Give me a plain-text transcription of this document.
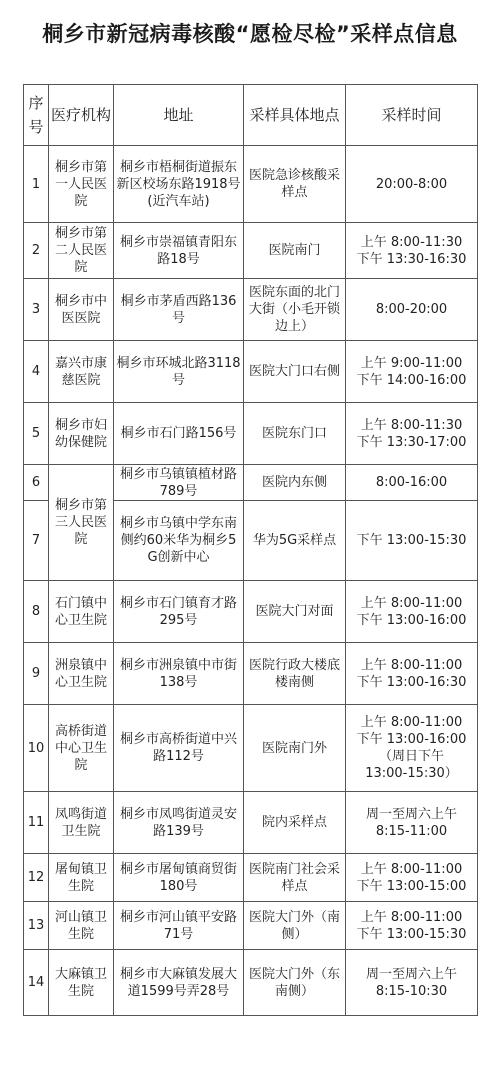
桐乡市新冠病毒核酸“愿检尽检”采样点信息
序号	医疗机构	地址	采样具体地点	采样时间
1	桐乡市第一人民医院	桐乡市梧桐街道振东新区校场东路1918号(近汽车站)	医院急诊核酸采样点	20:00-8:00

2	桐乡市第二人民医院	桐乡市崇福镇青阳东路18号	医院南门	上午 8:00-11:30
下午 13:30-16:30

3	桐乡市中医医院	桐乡市茅盾西路136号	医院东面的北门大街（小毛开锁边上）	8:00-20:00

4	嘉兴市康慈医院	桐乡市环城北路3118号	医院大门口右侧	上午 9:00-11:00
下午 14:00-16:00

5	桐乡市妇幼保健院	桐乡市石门路156号	医院东门口	上午 8:00-11:30
下午 13:30-17:00

6	桐乡市第三人民医院	桐乡市乌镇镇植材路789号	医院内东侧	8:00-16:00

7		桐乡市乌镇中学东南侧约60米华为桐乡5G创新中心	华为5G采样点	下午 13:00-15:30

8	石门镇中心卫生院	桐乡市石门镇育才路295号	医院大门对面	上午 8:00-11:00
下午 13:00-16:00

9	洲泉镇中心卫生院	桐乡市洲泉镇中市街138号	医院行政大楼底楼南侧	上午 8:00-11:00
下午 13:00-16:30

10	高桥街道中心卫生院	桐乡市高桥街道中兴路112号	医院南门外	上午 8:00-11:00
下午 13:00-16:00
（周日下午
13:00-15:30）

11	凤鸣街道卫生院	桐乡市凤鸣街道灵安路139号	院内采样点	周一至周六上午
8:15-11:00

12	屠甸镇卫生院	桐乡市屠甸镇商贸街180号	医院南门社会采样点	上午 8:00-11:00
下午 13:00-15:00

13	河山镇卫生院	桐乡市河山镇平安路71号	医院大门外（南侧）	上午 8:00-11:00
下午 13:00-15:30

14	大麻镇卫生院	桐乡市大麻镇发展大道1599号弄28号	医院大门外（东南侧）	周一至周六上午
8:15-10:30
